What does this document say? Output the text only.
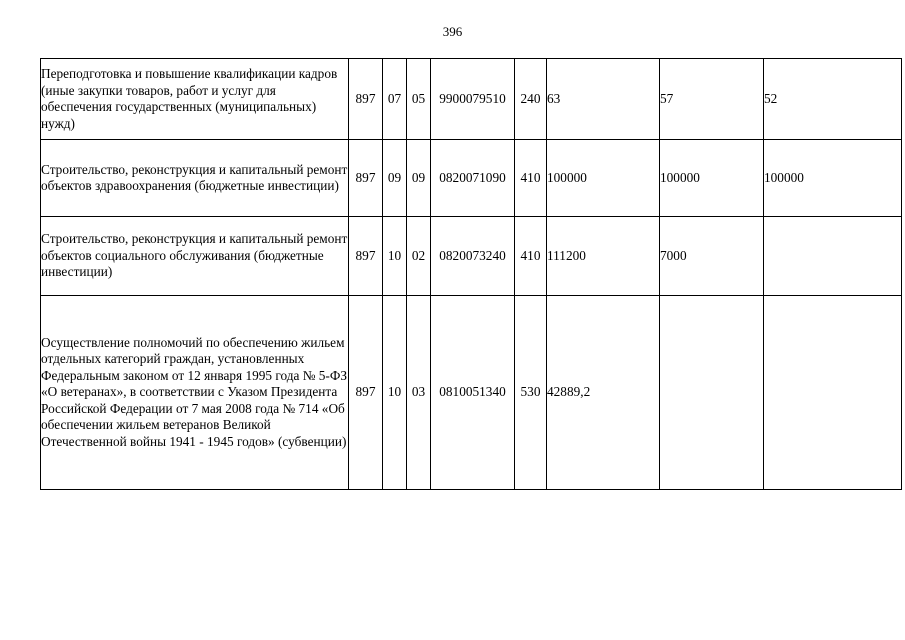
396
Переподготовка и повышение квалификации кадров (иные закупки товаров, работ и услуг для обеспечения государственных (муниципальных) нужд)	897	07	05	9900079510	240	63	57	52
Строительство, реконструкция и капитальный ремонт объектов здравоохранения (бюджетные инвестиции)	897	09	09	0820071090	410	100000	100000	100000
Строительство, реконструкция и капитальный ремонт объектов социального обслуживания (бюджетные инвестиции)	897	10	02	0820073240	410	111200	7000	
Осуществление полномочий по обеспечению жильем отдельных категорий граждан, установленных Федеральным законом от 12 января 1995 года № 5-ФЗ «О ветеранах», в соответствии с Указом Президента Российской Федерации от 7 мая 2008 года № 714 «Об обеспечении жильем ветеранов Великой Отечественной войны 1941 - 1945 годов» (субвенции)	897	10	03	0810051340	530	42889,2		
